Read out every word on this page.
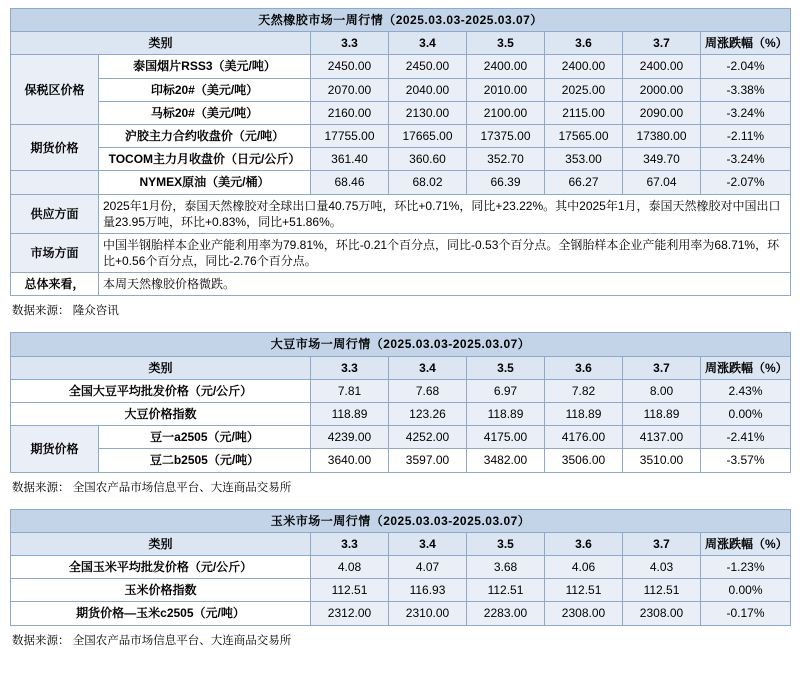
天然橡胶市场一周行情（2025.03.03-2025.03.07）							
类别		3.3	3.4	3.5	3.6	3.7	周涨跌幅（%）
保税区价格	泰国烟片RSS3（美元/吨）	2450.00	2450.00	2400.00	2400.00	2400.00	-2.04%
	印标20#（美元/吨）	2070.00	2040.00	2010.00	2025.00	2000.00	-3.38%
	马标20#（美元/吨）	2160.00	2130.00	2100.00	2115.00	2090.00	-3.24%
期货价格	沪胶主力合约收盘价（元/吨）	17755.00	17665.00	17375.00	17565.00	17380.00	-2.11%
	TOCOM主力月收盘价（日元/公斤）	361.40	360.60	352.70	353.00	349.70	-3.24%
	NYMEX原油（美元/桶）	68.46	68.02	66.39	66.27	67.04	-2.07%
供应方面	2025年1月份，泰国天然橡胶对全球出口量40.75万吨，环比+0.71%，同比+23.22%。其中2025年1月，泰国天然橡胶对中国出口量23.95万吨，环比+0.83%，同比+51.86%。						
市场方面	中国半钢胎样本企业产能利用率为79.81%，环比-0.21个百分点，同比-0.53个百分点。全钢胎样本企业产能利用率为68.71%，环比+0.56个百分点，同比-2.76个百分点。						
总体来看，	本周天然橡胶价格微跌。						
数据来源： 隆众咨讯
大豆市场一周行情（2025.03.03-2025.03.07）							
类别		3.3	3.4	3.5	3.6	3.7	周涨跌幅（%）
全国大豆平均批发价格（元/公斤）		7.81	7.68	6.97	7.82	8.00	2.43%
大豆价格指数		118.89	123.26	118.89	118.89	118.89	0.00%
期货价格	豆一a2505（元/吨）	4239.00	4252.00	4175.00	4176.00	4137.00	-2.41%
	豆二b2505（元/吨）	3640.00	3597.00	3482.00	3506.00	3510.00	-3.57%
数据来源： 全国农产品市场信息平台、大连商品交易所
玉米市场一周行情（2025.03.03-2025.03.07）						
类别	3.3	3.4	3.5	3.6	3.7	周涨跌幅（%）
全国玉米平均批发价格（元/公斤）	4.08	4.07	3.68	4.06	4.03	-1.23%
玉米价格指数	112.51	116.93	112.51	112.51	112.51	0.00%
期货价格—玉米c2505（元/吨）	2312.00	2310.00	2283.00	2308.00	2308.00	-0.17%
数据来源： 全国农产品市场信息平台、大连商品交易所
